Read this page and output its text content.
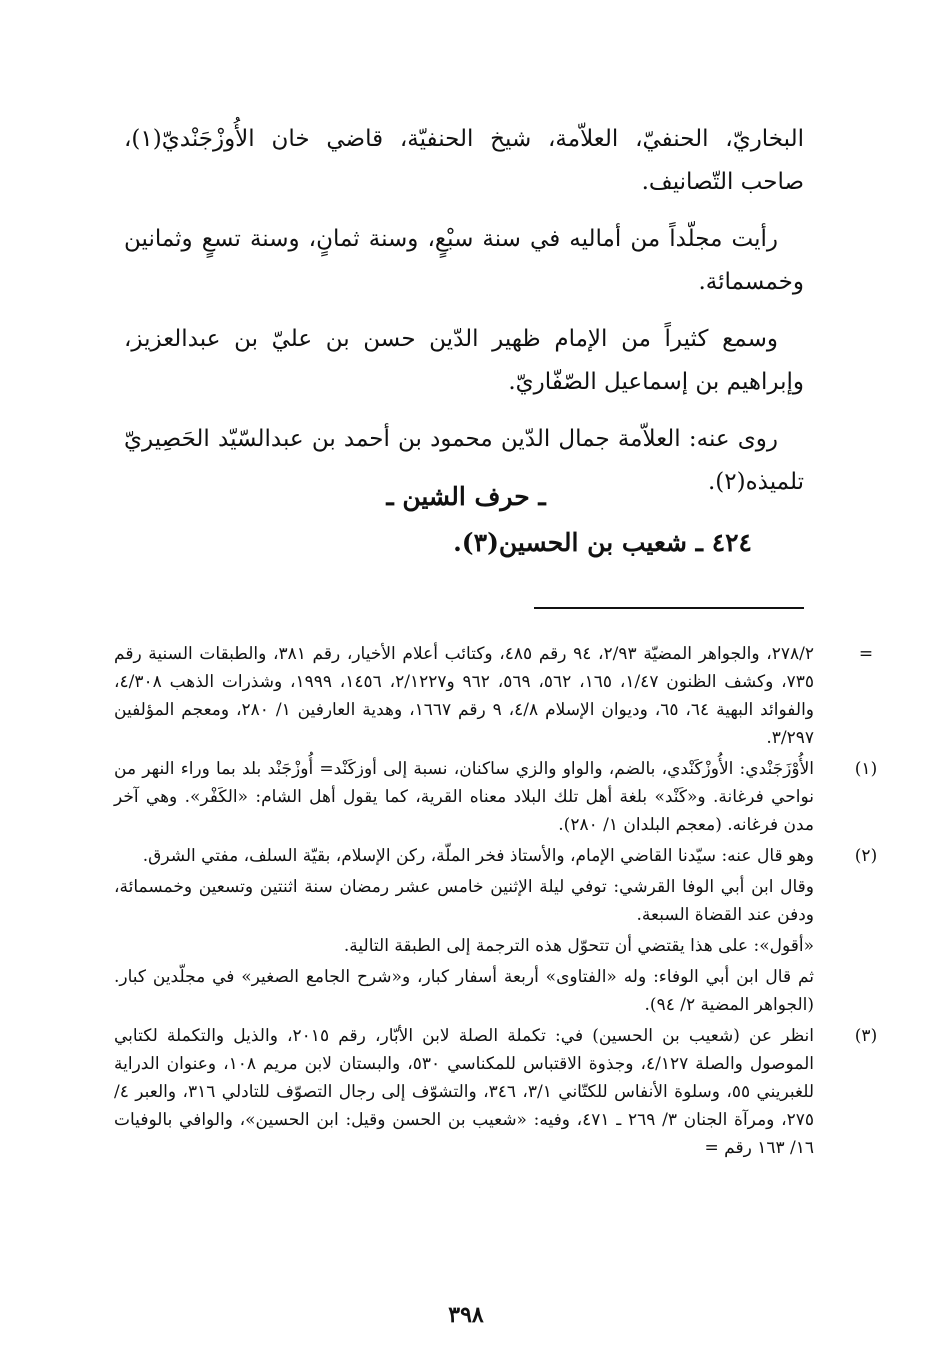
البخاريّ، الحنفيّ، العلاّمة، شيخ الحنفيّة، قاضي خان الأُوزْجَنْديّ(١)، صاحب التّصانيف.

رأيت مجلّداً من أماليه في سنة سبْعٍ، وسنة ثمانٍ، وسنة تسعٍ وثمانين وخمسمائة.

وسمع كثيراً من الإمام ظهير الدّين حسن بن عليّ بن عبدالعزيز، وإبراهيم بن إسماعيل الصّفّاريّ.

روى عنه: العلاّمة جمال الدّين محمود بن أحمد بن عبدالسّيّد الحَصِيريّ تلميذه(٢).

ـ حرف الشين ـ
٤٢٤ ـ شعيب بن الحسين(٣).
=

٢٧٨/٢، والجواهر المضيّة ٢/٩٣، ٩٤ رقم ٤٨٥، وكتائب أعلام الأخيار، رقم ٣٨١، والطبقات السنية رقم ٧٣٥، وكشف الظنون ١/٤٧، ١٦٥، ٥٦٢، ٥٦٩، ٩٦٢ و٢/١٢٢٧، ١٤٥٦، ١٩٩٩، وشذرات الذهب ٤/٣٠٨، والفوائد البهية ٦٤، ٦٥، وديوان الإسلام ٤/٨، ٩ رقم ١٦٦٧، وهدية العارفين ١/ ٢٨٠، ومعجم المؤلفين ٣/٢٩٧.

(١)

الأُوْزَجَنْدي: الأُوزْكَنْدي، بالضم، والواو والزي ساكنان، نسبة إلى أوزكَنْد= أُوزْجَنْد بلد بما وراء النهر من نواحي فرغانة. و«كَنْد» بلغة أهل تلك البلاد معناه القرية، كما يقول أهل الشام: «الكَفْر». وهي آخر مدن فرغانه. (معجم البلدان ١/ ٢٨٠).

(٢)

وهو قال عنه: سيّدنا القاضي الإمام، والأستاذ فخر الملّة، ركن الإسلام، بقيّة السلف، مفتي الشرق.

وقال ابن أبي الوفا القرشي: توفي ليلة الإثنين خامس عشر رمضان سنة اثنتين وتسعين وخمسمائة، ودفن عند القضاة السبعة.

«أقول»: على هذا يقتضي أن تتحوّل هذه الترجمة إلى الطبقة التالية.

ثم قال ابن أبي الوفاء: وله «الفتاوى» أربعة أسفار كبار، و«شرح الجامع الصغير» في مجلّدين كبار. (الجواهر المضية ٢/ ٩٤).

(٣)

انظر عن (شعيب بن الحسين) في: تكملة الصلة لابن الأبّار، رقم ٢٠١٥، والذيل والتكملة لكتابي الموصول والصلة ٤/١٢٧، وجذوة الاقتباس للمكناسي ٥٣٠، والبستان لابن مريم ١٠٨، وعنوان الدراية للغبريني ٥٥، وسلوة الأنفاس للكتّاني ٣/١، ٣٤٦، والتشوّف إلى رجال التصوّف للتادلي ٣١٦، والعبر ٤/ ٢٧٥، ومرآة الجنان ٣/ ٢٦٩ ـ ٤٧١، وفيه: «شعيب بن الحسن وقيل: ابن الحسين»، والوافي بالوفيات ١٦/ ١٦٣ رقم =

٣٩٨
